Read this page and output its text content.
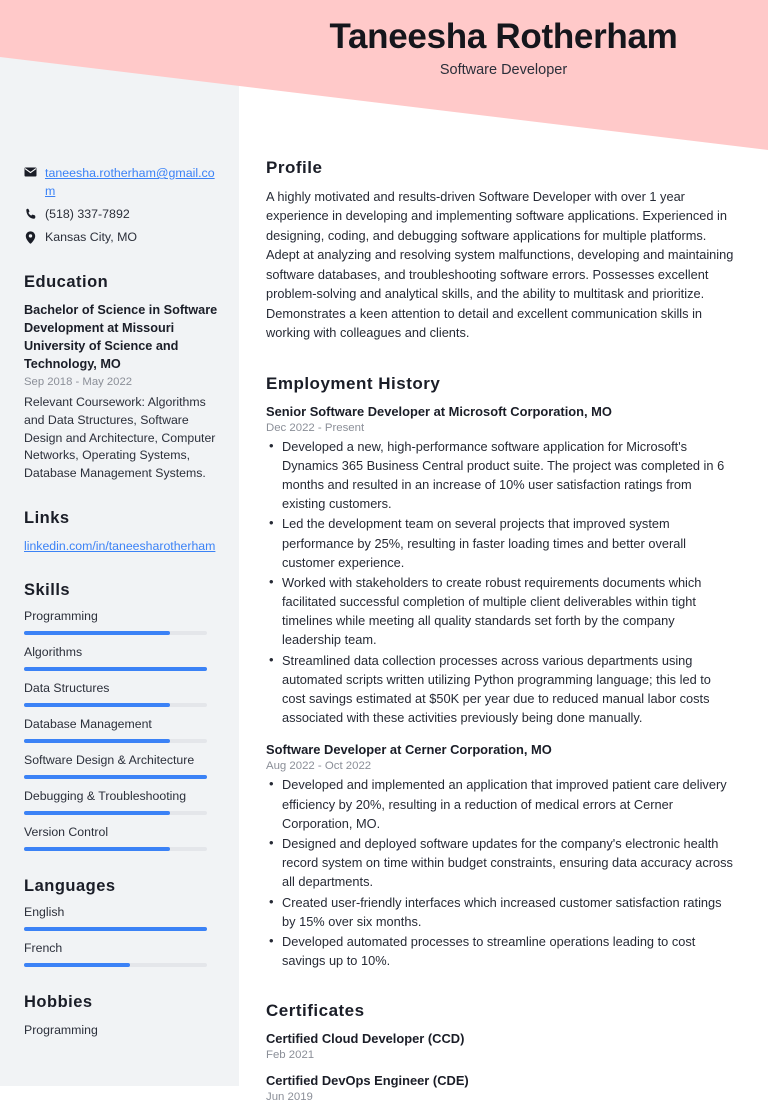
Taneesha Rotherham
Software Developer
taneesha.rotherham@gmail.com
(518) 337-7892
Kansas City, MO
Education
Bachelor of Science in Software Development at Missouri University of Science and Technology, MO
Sep 2018 - May 2022
Relevant Coursework: Algorithms and Data Structures, Software Design and Architecture, Computer Networks, Operating Systems, Database Management Systems.
Links
linkedin.com/in/taneesharotherham
Skills
Programming
Algorithms
Data Structures
Database Management
Software Design & Architecture
Debugging & Troubleshooting
Version Control
Languages
English
French
Hobbies
Programming
Profile
A highly motivated and results-driven Software Developer with over 1 year experience in developing and implementing software applications. Experienced in designing, coding, and debugging software applications for multiple platforms. Adept at analyzing and resolving system malfunctions, developing and maintaining software databases, and troubleshooting software errors. Possesses excellent problem-solving and analytical skills, and the ability to multitask and prioritize. Demonstrates a keen attention to detail and excellent communication skills in working with colleagues and clients.
Employment History
Senior Software Developer at Microsoft Corporation, MO
Dec 2022 - Present
• Developed a new, high-performance software application for Microsoft's Dynamics 365 Business Central product suite. The project was completed in 6 months and resulted in an increase of 10% user satisfaction ratings from existing customers.
• Led the development team on several projects that improved system performance by 25%, resulting in faster loading times and better overall customer experience.
• Worked with stakeholders to create robust requirements documents which facilitated successful completion of multiple client deliverables within tight timelines while meeting all quality standards set forth by the company leadership team.
• Streamlined data collection processes across various departments using automated scripts written utilizing Python programming language; this led to cost savings estimated at $50K per year due to reduced manual labor costs associated with these activities previously being done manually.
Software Developer at Cerner Corporation, MO
Aug 2022 - Oct 2022
• Developed and implemented an application that improved patient care delivery efficiency by 20%, resulting in a reduction of medical errors at Cerner Corporation, MO.
• Designed and deployed software updates for the company's electronic health record system on time within budget constraints, ensuring data accuracy across all departments.
• Created user-friendly interfaces which increased customer satisfaction ratings by 15% over six months.
• Developed automated processes to streamline operations leading to cost savings up to 10%.
Certificates
Certified Cloud Developer (CCD)
Feb 2021
Certified DevOps Engineer (CDE)
Jun 2019
